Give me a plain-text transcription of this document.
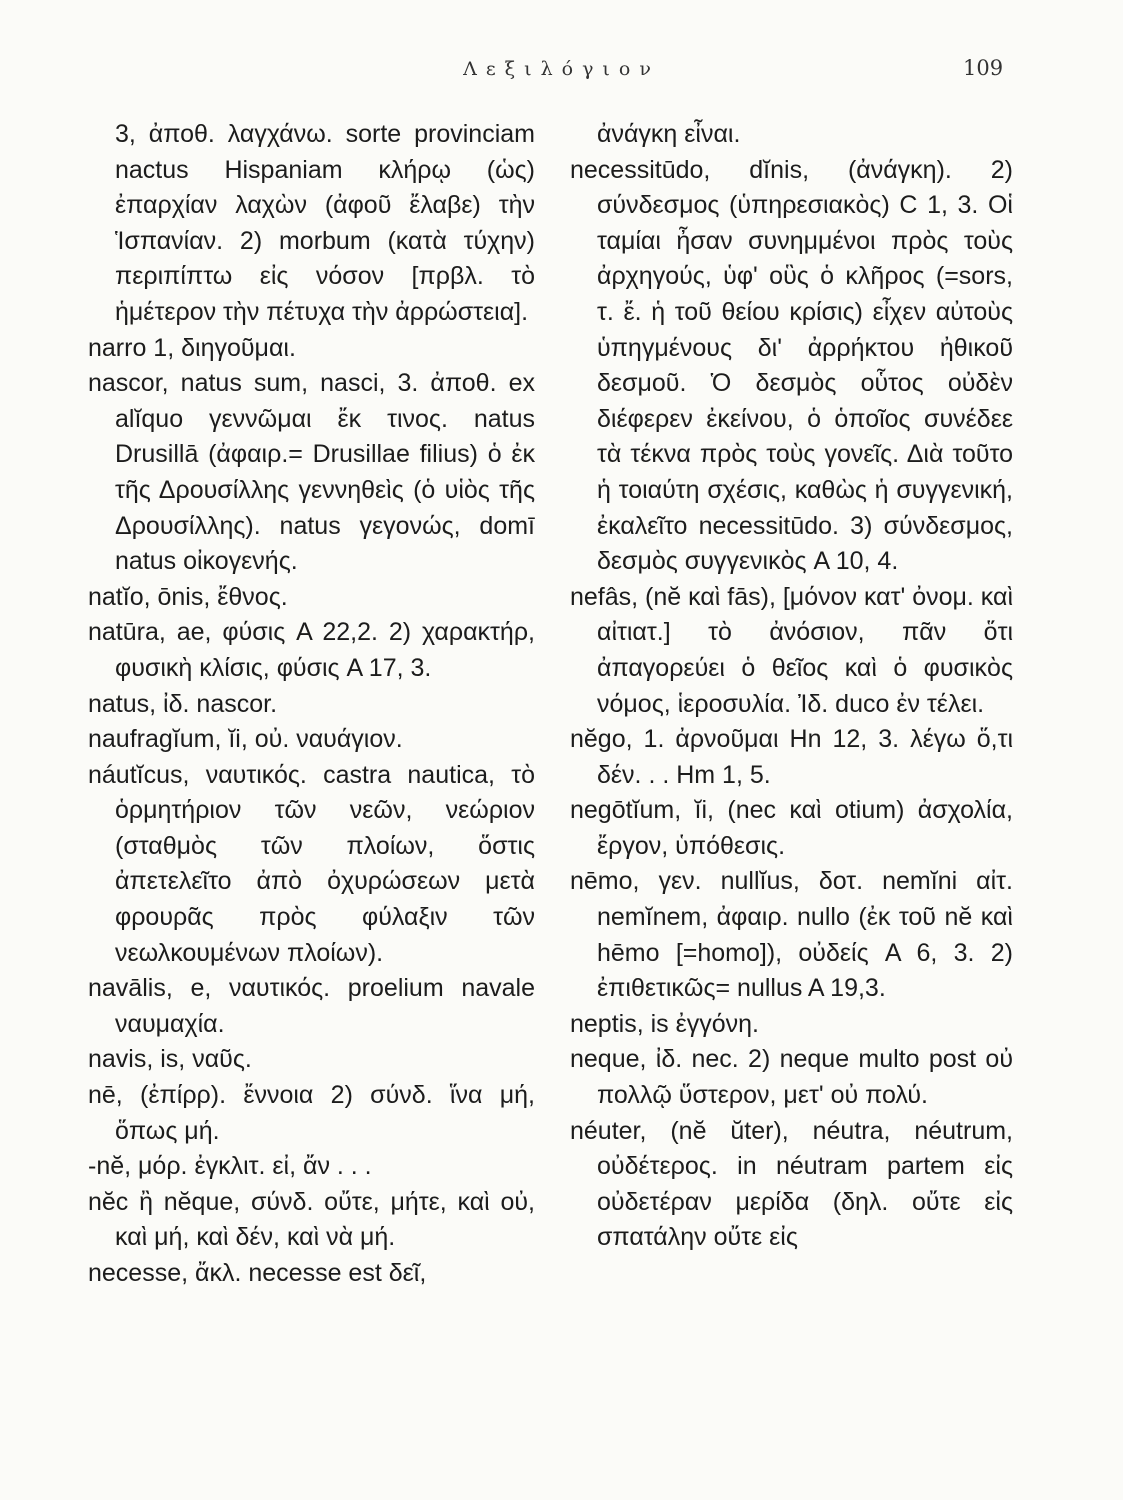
Λεξιλόγιον	109

3, ἀποθ. λαγχάνω. sorte provinciam nactus Hispaniam κλήρῳ (ὡς) ἐπαρχίαν λαχὼν (ἀφοῦ ἔλαβε) τὴν Ἱσπανίαν. 2) morbum (κατὰ τύχην) περιπίπτω εἰς νόσον [πρβλ. τὸ ἡμέτερον τὴν πέτυχα τὴν ἀρρώστεια].

narro 1, διηγοῦμαι.

nascor, natus sum, nasci, 3. ἀποθ. ex alĭquo γεννῶμαι ἔκ τινος. natus Drusillā (ἀφαιρ.= Drusillae filius) ὁ ἐκ τῆς Δρουσίλλης γεννηθεὶς (ὁ υἱὸς τῆς Δρουσίλλης). natus γεγονώς, domī natus οἰκογενής.

natĭo, ōnis, ἔθνος.

natūra, ae, φύσις A 22,2. 2) χαρακτήρ, φυσικὴ κλίσις, φύσις A 17, 3.

natus, ἰδ. nascor.

naufragĭum, ĭi, οὐ. ναυάγιον.

náutĭcus, ναυτικός. castra nautica, τὸ ὁρμητήριον τῶν νεῶν, νεώριον (σταθμὸς τῶν πλοίων, ὅστις ἀπετελεῖτο ἀπὸ ὀχυρώσεων μετὰ φρουρᾶς πρὸς φύλαξιν τῶν νεωλκουμένων πλοίων).

navālis, e, ναυτικός. proelium navale ναυμαχία.

navis, is, ναῦς.

nē, (ἐπίρρ). ἔννοια 2) σύνδ. ἵνα μή, ὅπως μή.

-nĕ, μόρ. ἐγκλιτ. εἰ, ἄν . . .

nĕc ἢ nĕque, σύνδ. οὔτε, μήτε, καὶ οὐ, καὶ μή, καὶ δέν, καὶ νὰ μή.

necesse, ἄκλ. necesse est δεῖ,

ἀνάγκη εἶναι.

necessitūdo, dĭnis, (ἀνάγκη). 2) σύνδεσμος (ὑπηρεσιακὸς) C 1, 3. Οἱ ταμίαι ἦσαν συνημμένοι πρὸς τοὺς ἀρχηγούς, ὑφ' οὓς ὁ κλῆρος (=sors, τ. ἔ. ἡ τοῦ θείου κρίσις) εἶχεν αὐτοὺς ὑπηγμένους δι' ἀρρήκτου ἠθικοῦ δεσμοῦ. Ὁ δεσμὸς οὗτος οὐδὲν διέφερεν ἐκείνου, ὁ ὁποῖος συνέδεε τὰ τέκνα πρὸς τοὺς γονεῖς. Διὰ τοῦτο ἡ τοιαύτη σχέσις, καθὼς ἡ συγγενική, ἐκαλεῖτο necessitūdo. 3) σύνδεσμος, δεσμὸς συγγενικὸς A 10, 4.

nefâs, (nĕ καὶ fās), [μόνον κατ' ὀνομ. καὶ αἰτιατ.] τὸ ἀνόσιον, πᾶν ὅτι ἀπαγορεύει ὁ θεῖος καὶ ὁ φυσικὸς νόμος, ἱεροσυλία. Ἰδ. duco ἐν τέλει.

nĕgo, 1. ἀρνοῦμαι Hn 12, 3. λέγω ὅ,τι δέν. . . Hm 1, 5.

negōtĭum, ĭi, (nec καὶ otium) ἀσχολία, ἔργον, ὑπόθεσις.

nēmo, γεν. nullĭus, δοτ. nemĭni αἰτ. nemĭnem, ἀφαιρ. nullo (ἐκ τοῦ nĕ καὶ hēmo [=homo]), οὐδείς A 6, 3. 2) ἐπιθετικῶς= nullus A 19,3.

neptis, is ἐγγόνη.

neque, ἰδ. nec. 2) neque multo post οὐ πολλῷ ὕστερον, μετ' οὐ πολύ.

néuter, (nĕ ŭter), néutra, néutrum, οὐδέτερος. in néutram partem εἰς οὐδετέραν μερίδα (δηλ. οὔτε εἰς σπατάλην οὔτε εἰς
